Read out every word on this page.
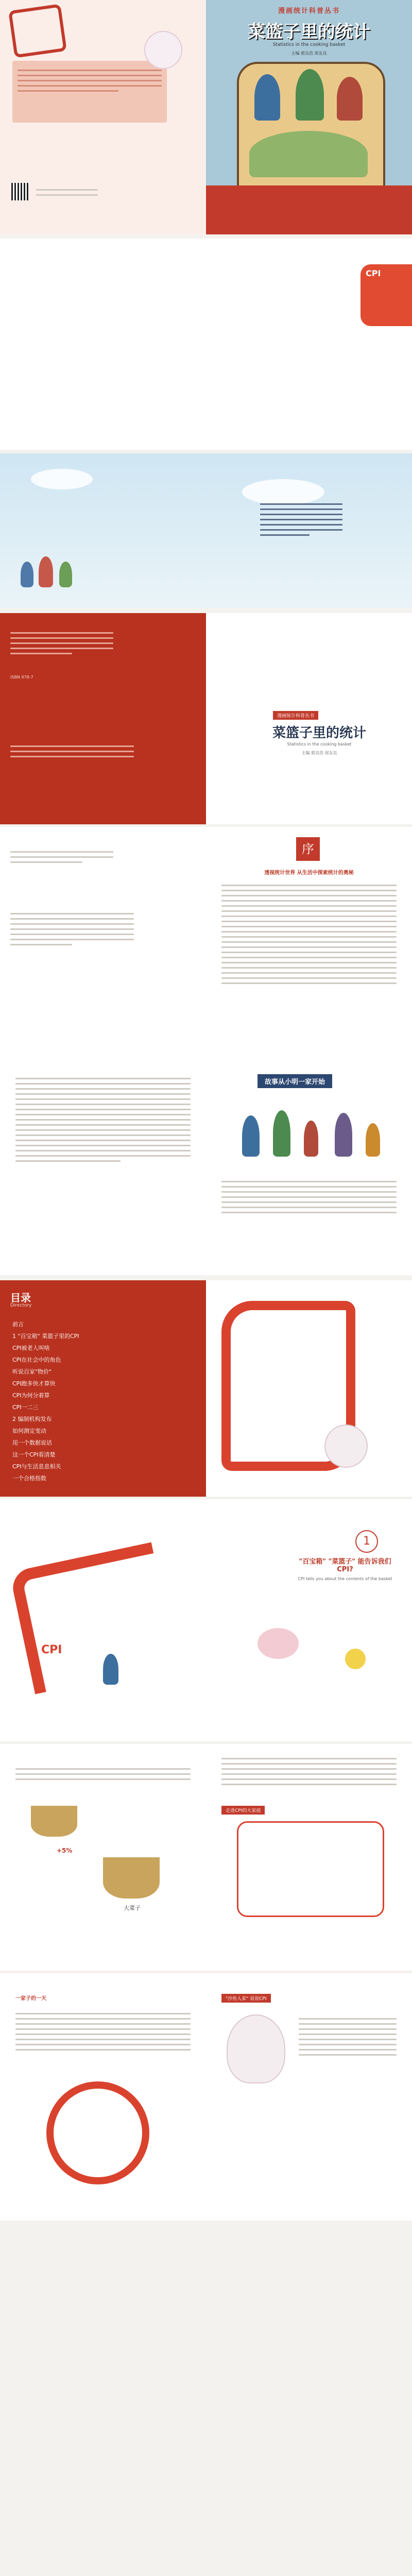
漫画统计科普丛书
菜篮子里的统计
Statistics in the cooking basket
主编 郭良浩 周友良
CPI
ISBN 978-7
漫画统计科普丛书
菜篮子里的统计
Statistics in the cooking basket
主编 郭良浩 周友良
序
透视统计世界 从生活中探索统计的奥秘
故事从小明一家开始
目录
Directory
前言
1 "百宝箱" 菜篮子里的CPI
CPI被老人叫啥
CPI在社会中的角色
听说百家"物价"
CPI跑多快才算快
CPI为何分着算
CPI一二三
2 编制机构发布
如何测定变动
用一个数据说话
这一个CPI看清楚
CPI与生活息息相关
一个合格指数
CPI
1
"百宝箱" "菜篮子" 能告诉我们CPI?
CPI tells you about the contents of the basket
+5%
大菜子
走进CPI的大家庭
一家子的一天	"沙鱼人家" 说说CPI
